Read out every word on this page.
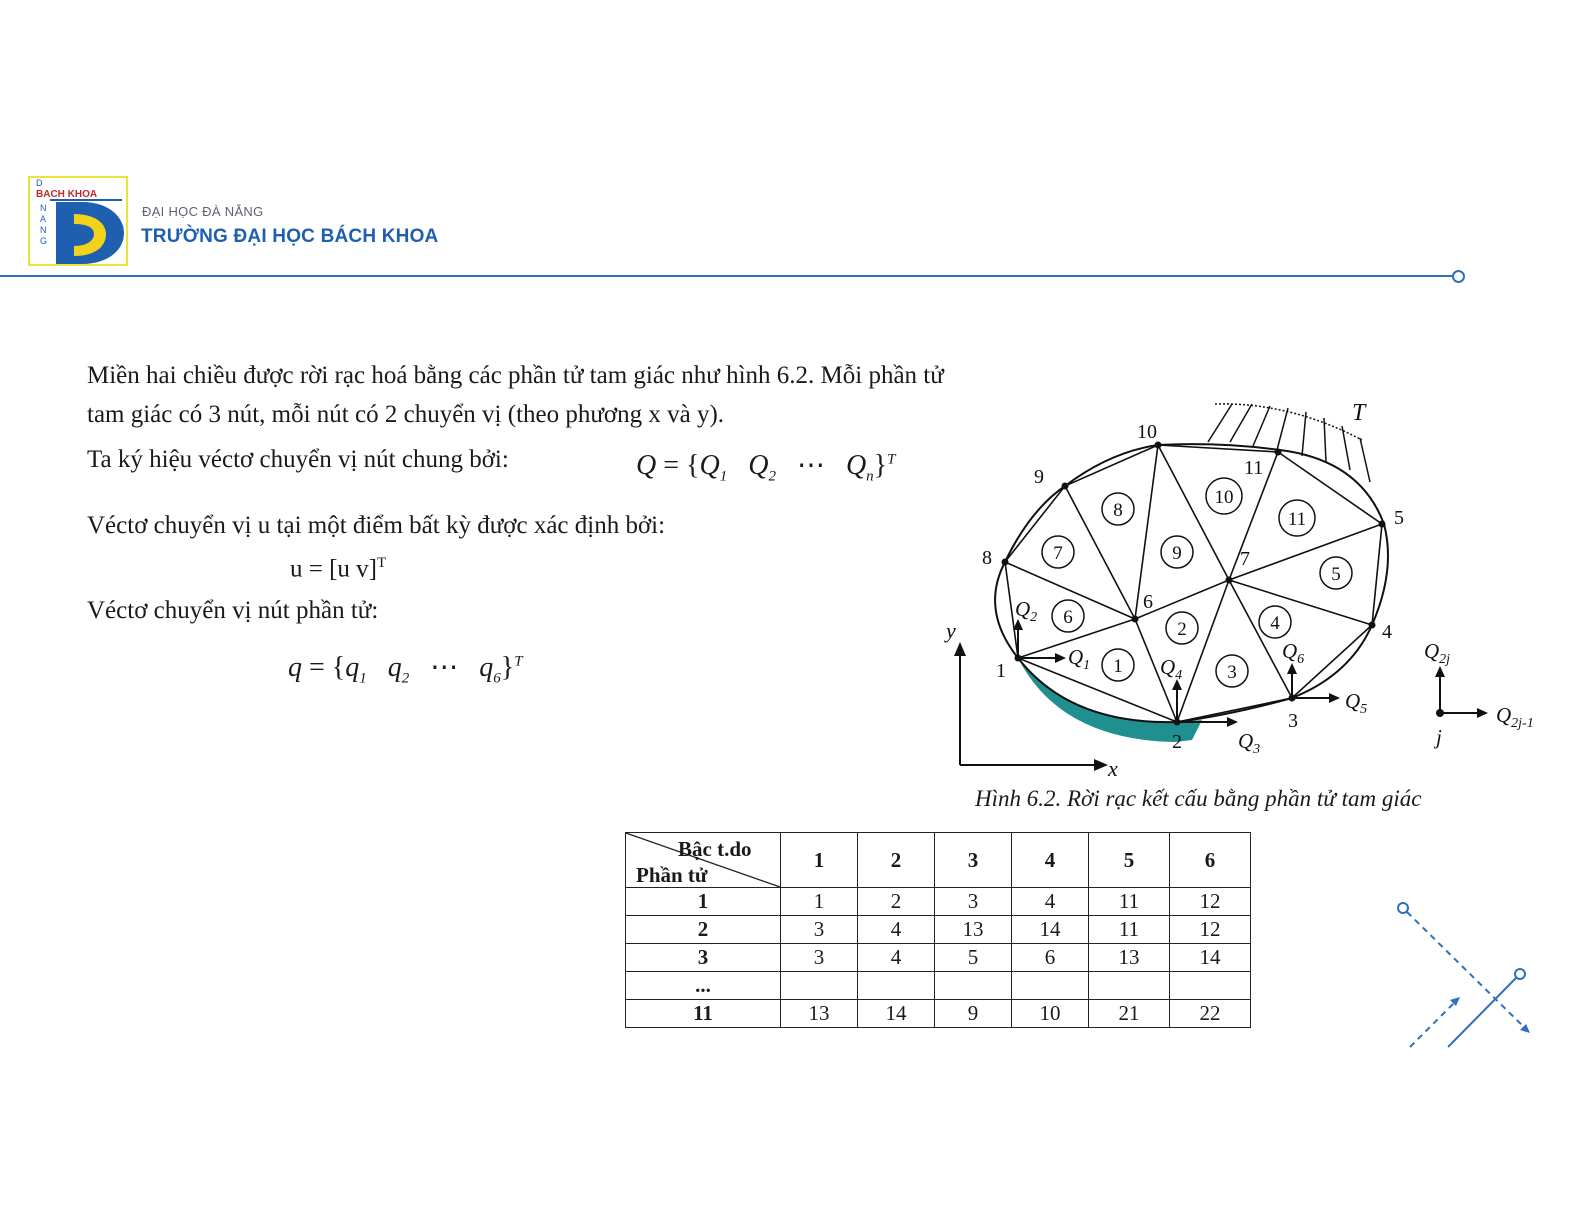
D
BACH KHOA
N
A
N
G
ĐẠI HỌC ĐÀ NẴNG
TRƯỜNG ĐẠI HỌC BÁCH KHOA
Miền hai chiều được rời rạc hoá bằng các phần tử tam giác như hình 6.2. Mỗi phần tử
tam giác có 3 nút, mỗi nút có 2 chuyển vị (theo phương x và y).
Ta ký hiệu véctơ chuyển vị nút chung bởi:	$Q = \{Q_1$   $Q_2$ ⋯   $Q_n\}^T$
Véctơ chuyển vị u tại một điểm bất kỳ được xác định bởi:
u = [u v]$^T$
Véctơ chuyển vị nút phần tử:
$q = \{q_1$   $q_2$ ⋯   $q_6\}^T$	1
2
3
4
5
6
7
8
9
10
11
1
2
3
4
5
6
7
8
9
10
11
T
y
x
$Q_2$
$Q_1$	$Q_4$
$Q_3$
$Q_6$
$Q_5$
$Q_{2j}$
$Q_{2j-1}$
j
Hình 6.2. Rời rạc kết cấu bằng phần tử tam giác
Bậc t.do
Phần tử	1	2	3	4	5	6
1	1	2	3	4	11	12
2	3	4	13	14	11	12
3	3	4	5	6	13	14
...						
11	13	14	9	10	21	22
